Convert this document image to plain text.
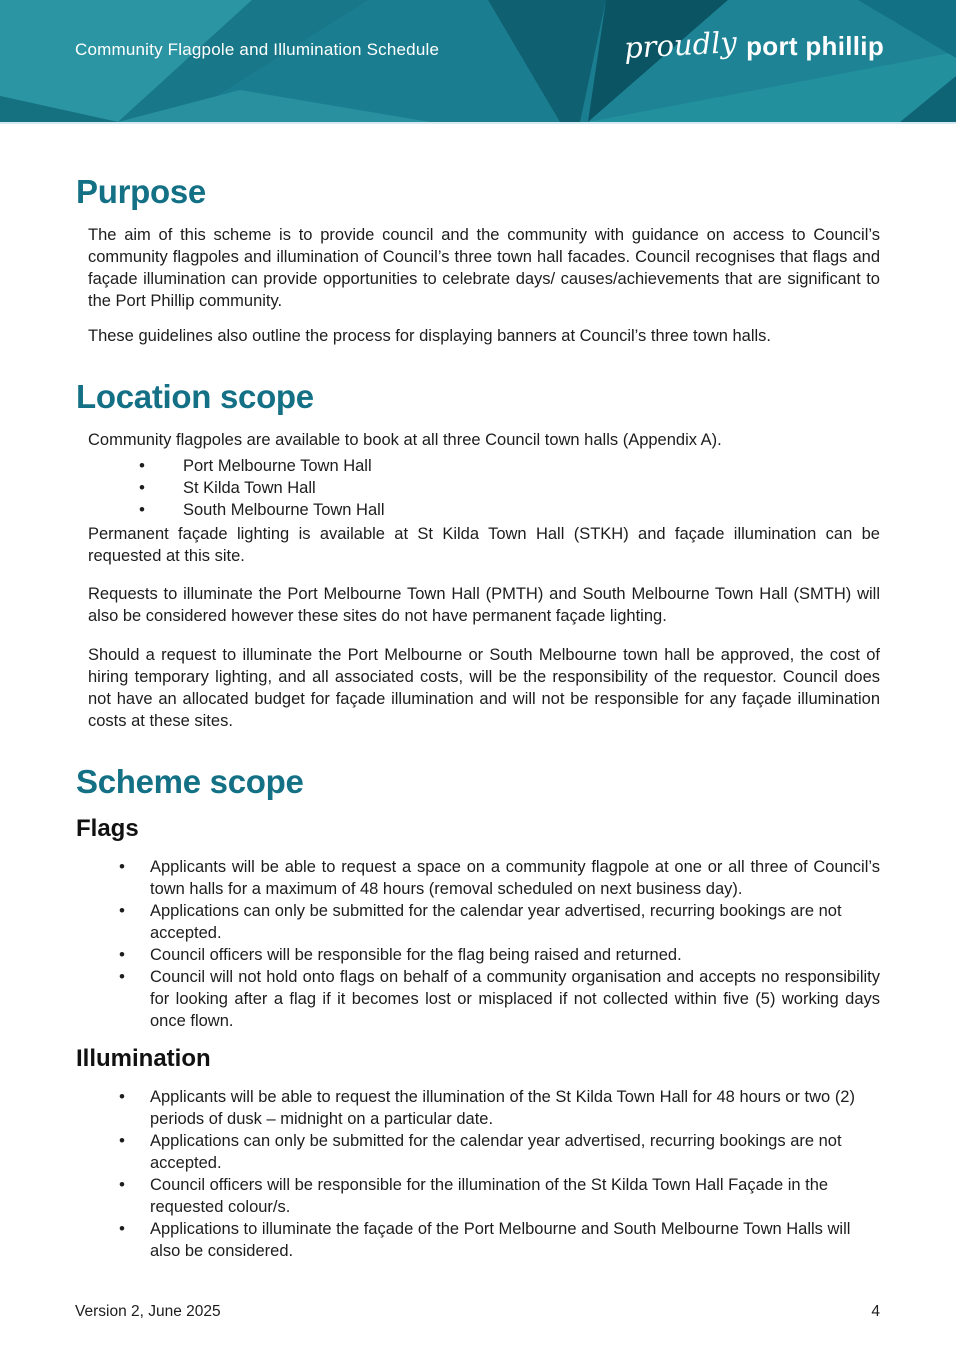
Community Flagpole and Illumination Schedule	proudly port phillip
Purpose

The aim of this scheme is to provide council and the community with guidance on access to Council’s community flagpoles and illumination of Council’s three town hall facades. Council recognises that flags and façade illumination can provide opportunities to celebrate days/ causes/achievements that are significant to the Port Phillip community.

These guidelines also outline the process for displaying banners at Council’s three town halls.

Location scope

Community flagpoles are available to book at all three Council town halls (Appendix A).

• Port Melbourne Town Hall
• St Kilda Town Hall
• South Melbourne Town Hall

Permanent façade lighting is available at St Kilda Town Hall (STKH) and façade illumination can be requested at this site.

Requests to illuminate the Port Melbourne Town Hall (PMTH) and South Melbourne Town Hall (SMTH) will also be considered however these sites do not have permanent façade lighting.

Should a request to illuminate the Port Melbourne or South Melbourne town hall be approved, the cost of hiring temporary lighting, and all associated costs, will be the responsibility of the requestor. Council does not have an allocated budget for façade illumination and will not be responsible for any façade illumination costs at these sites.

Scheme scope
Flags
• Applicants will be able to request a space on a community flagpole at one or all three of Council’s town halls for a maximum of 48 hours (removal scheduled on next business day).
• Applications can only be submitted for the calendar year advertised, recurring bookings are not accepted.
• Council officers will be responsible for the flag being raised and returned.
• Council will not hold onto flags on behalf of a community organisation and accepts no responsibility for looking after a flag if it becomes lost or misplaced if not collected within five (5) working days once flown.
Illumination
• Applicants will be able to request the illumination of the St Kilda Town Hall for 48 hours or two (2) periods of dusk – midnight on a particular date.
• Applications can only be submitted for the calendar year advertised, recurring bookings are not accepted.
• Council officers will be responsible for the illumination of the St Kilda Town Hall Façade in the requested colour/s.
• Applications to illuminate the façade of the Port Melbourne and South Melbourne Town Halls will also be considered.
Version 2, June 2025	4
